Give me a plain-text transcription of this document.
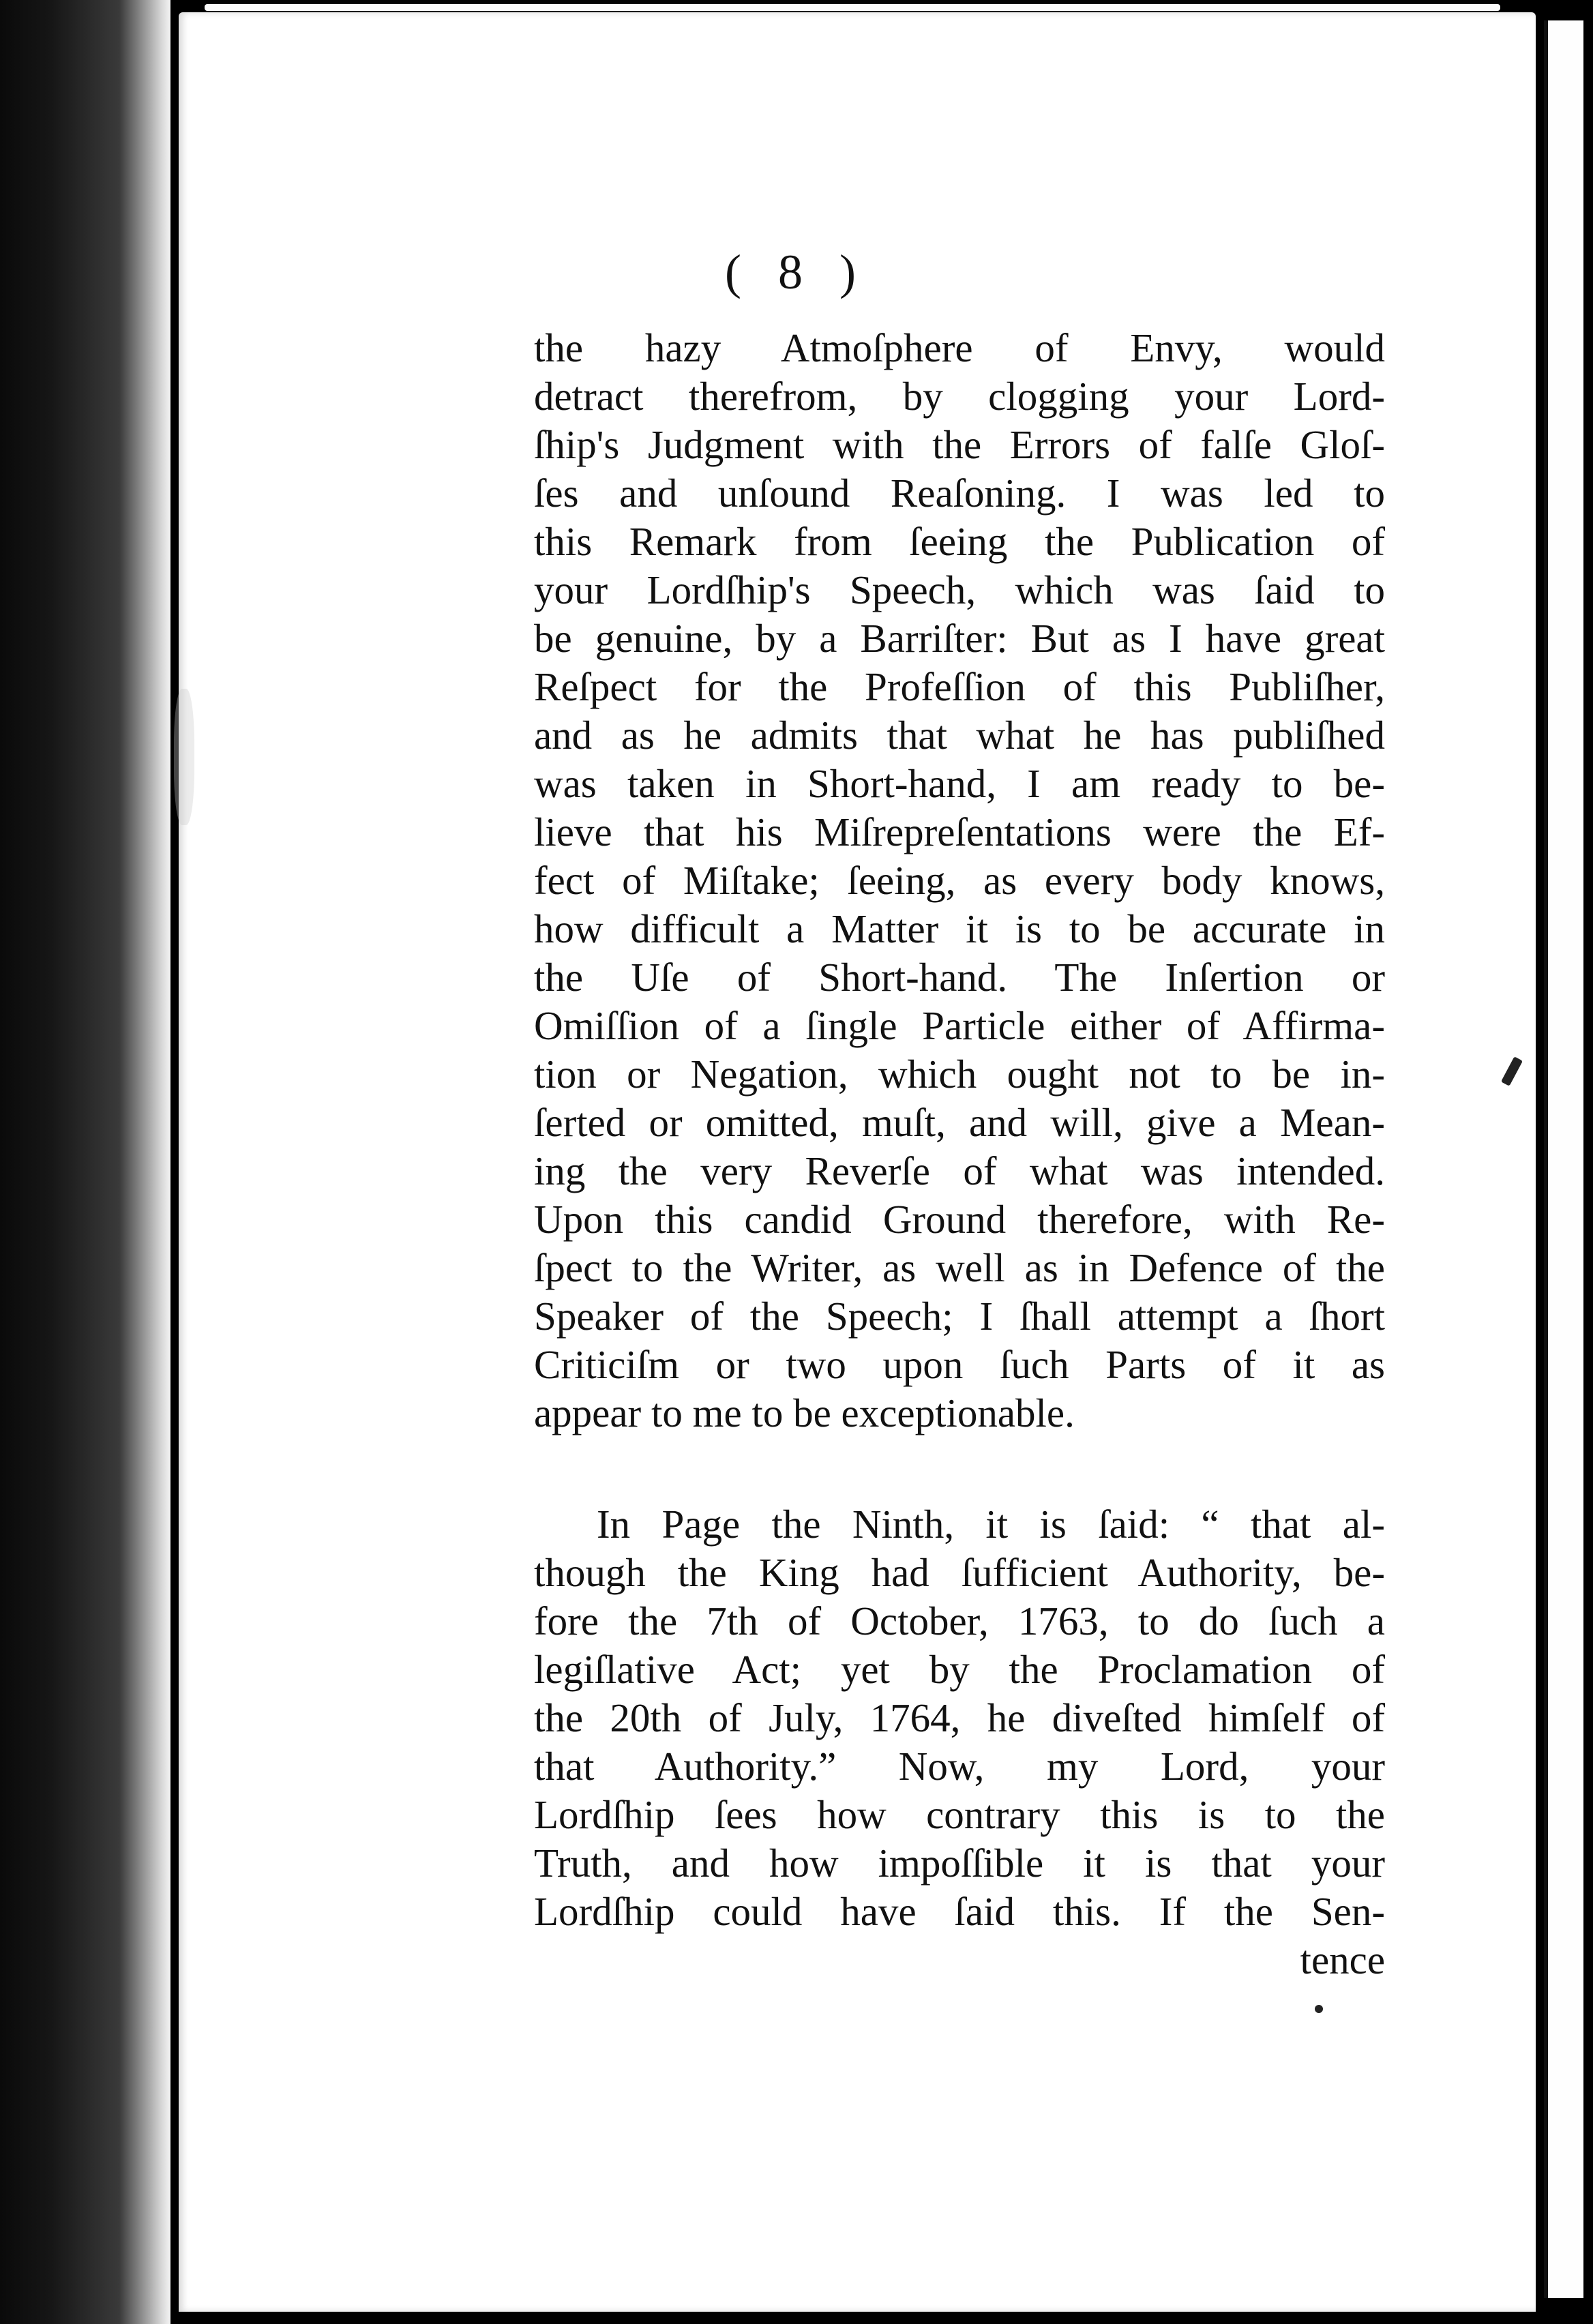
( 8 )
the hazy Atmoſphere of Envy, would
detract therefrom, by clogging your Lord-
ſhip's Judgment with the Errors of falſe Gloſ-
ſes and unſound Reaſoning. I was led to
this Remark from ſeeing the Publication of
your Lordſhip's Speech, which was ſaid to
be genuine, by a Barriſter: But as I have great
Reſpect for the Profeſſion of this Publiſher,
and as he admits that what he has publiſhed
was taken in Short-hand, I am ready to be-
lieve that his Miſrepreſentations were the Ef-
fect of Miſtake; ſeeing, as every body knows,
how difficult a Matter it is to be accurate in
the Uſe of Short-hand. The Inſertion or
Omiſſion of a ſingle Particle either of Affirma-
tion or Negation, which ought not to be in-
ſerted or omitted, muſt, and will, give a Mean-
ing the very Reverſe of what was intended.
Upon this candid Ground therefore, with Re-
ſpect to the Writer, as well as in Defence of the
Speaker of the Speech; I ſhall attempt a ſhort
Criticiſm or two upon ſuch Parts of it as
appear to me to be exceptionable.
In Page the Ninth, it is ſaid: “ that al-
though the King had ſufficient Authority, be-
fore the 7th of October, 1763, to do ſuch a
legiſlative Act; yet by the Proclamation of
the 20th of July, 1764, he diveſted himſelf of
that Authority.” Now, my Lord, your
Lordſhip ſees how contrary this is to the
Truth, and how impoſſible it is that your
Lordſhip could have ſaid this. If the Sen-
tence
